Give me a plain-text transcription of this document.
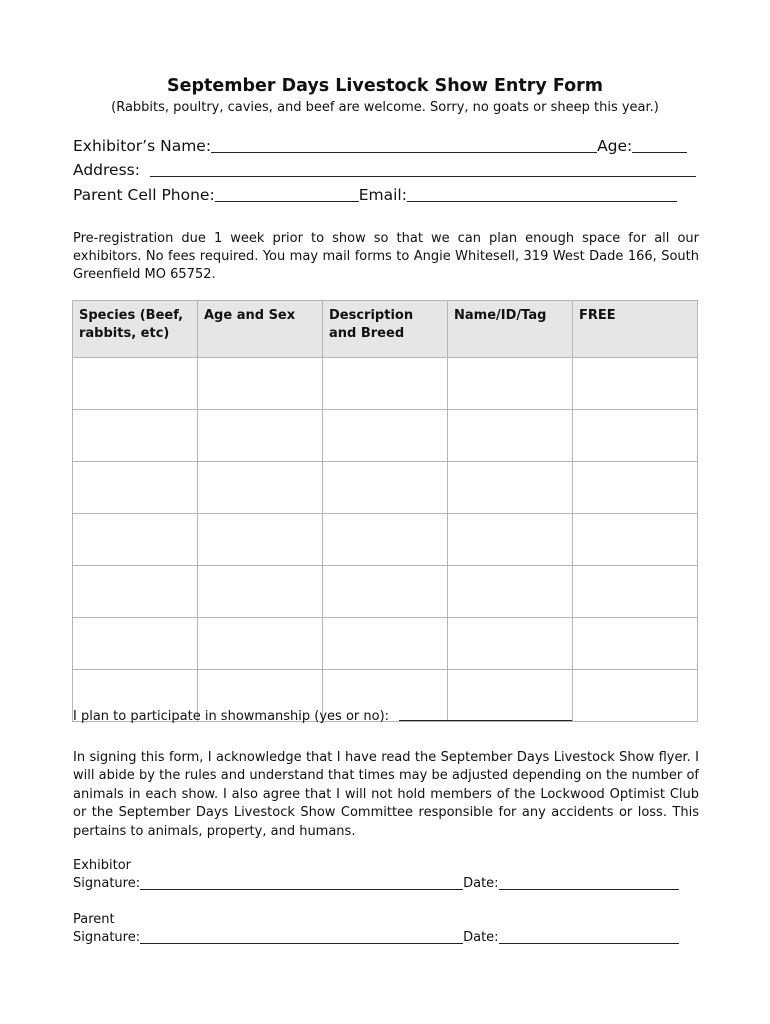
September Days Livestock Show Entry Form
(Rabbits, poultry, cavies, and beef are welcome. Sorry, no goats or sheep this year.)
Exhibitor’s Name:	Age:
Address:
Parent Cell Phone:	Email:
Pre-registration due 1 week prior to show so that we can plan enough space for all our exhibitors. No fees required. You may mail forms to Angie Whitesell, 319 West Dade 166, South Greenfield MO 65752.
Species (Beef, rabbits, etc)	Age and Sex	Description and Breed	Name/ID/Tag	FREE

I plan to participate in showmanship (yes or no):
In signing this form, I acknowledge that I have read the September Days Livestock Show flyer. I will abide by the rules and understand that times may be adjusted depending on the number of animals in each show. I also agree that I will not hold members of the Lockwood Optimist Club or the September Days Livestock Show Committee responsible for any accidents or loss. This pertains to animals, property, and humans.
Exhibitor
Signature:	Date:
Parent
Signature:	Date:
